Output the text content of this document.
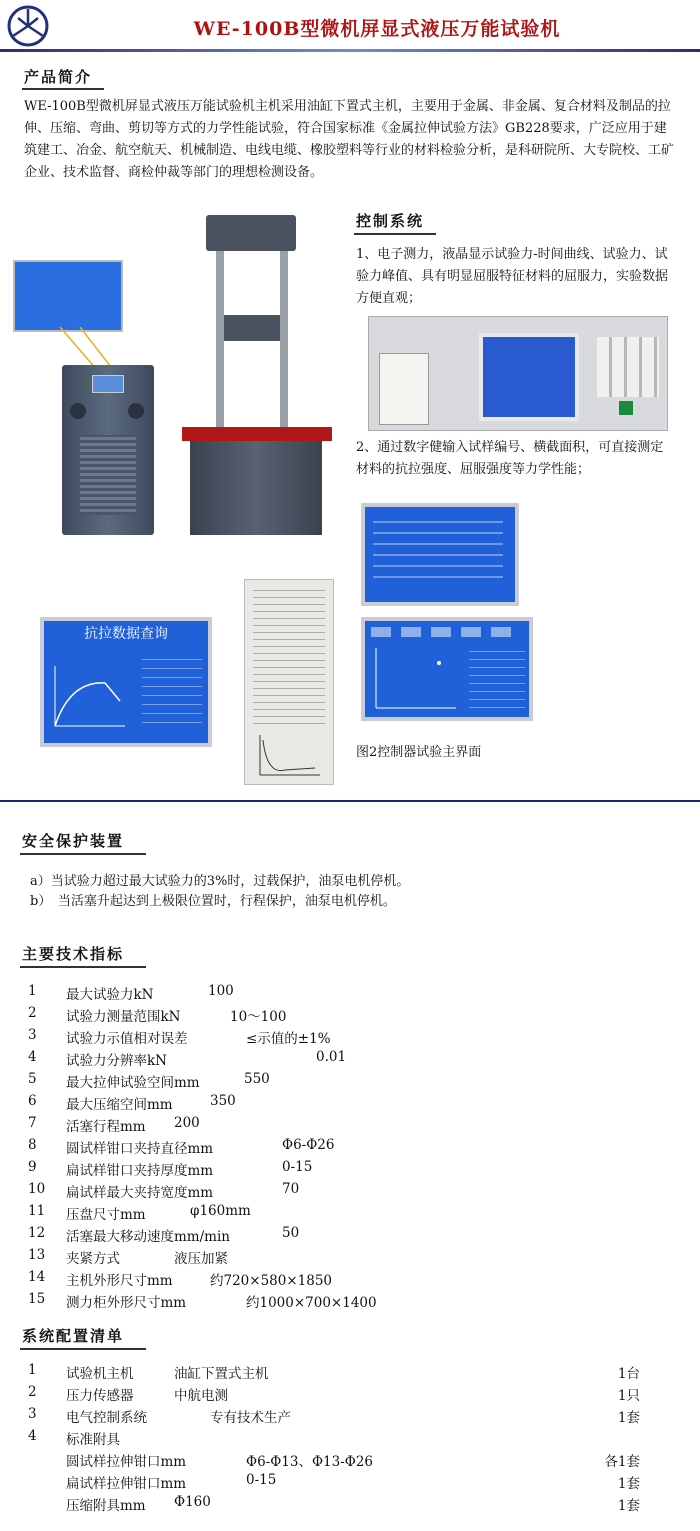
WE-100B型微机屏显式液压万能试验机
产品简介
WE-100B型微机屏显式液压万能试验机主机采用油缸下置式主机，主要用于金属、非金属、复合材料及制品的拉伸、压缩、弯曲、剪切等方式的力学性能试验，符合国家标准《金属拉伸试验方法》GB228要求，广泛应用于建筑建工、冶金、航空航天、机械制造、电线电缆、橡胶塑料等行业的材料检验分析，是科研院所、大专院校、工矿企业、技术监督、商检仲裁等部门的理想检测设备。
控制系统
1、电子测力，液晶显示试验力-时间曲线、试验力、试验力峰值、具有明显屈服特征材料的屈服力，实验数据方便直观；
2、通过数字健输入试样编号、横截面积，可直接测定材料的抗拉强度、屈服强度等力学性能；
抗拉数据查询
图2控制器试验主界面
安全保护装置
a）当试验力超过最大试验力的3%时，过载保护，油泵电机停机。
b）　当活塞升起达到上极限位置时，行程保护，油泵电机停机。
主要技术指标
1	最大试验力kN	100
2	试验力测量范围kN	10～100
3	试验力示值相对误差	≤示值的±1%
4	试验力分辨率kN	0.01
5	最大拉伸试验空间mm	550
6	最大压缩空间mm	350
7	活塞行程mm 200
8	圆试样钳口夹持直径mm	Φ6-Φ26
9	扁试样钳口夹持厚度mm	0-15
10	扁试样最大夹持宽度mm	70
11	压盘尺寸mm	φ160mm
12	活塞最大移动速度mm/min	50
13	夹紧方式	液压加紧
14	主机外形尺寸mm	约720×580×1850
15	测力柜外形尺寸mm	约1000×700×1400
系统配置清单
1 试验机主机	油缸下置式主机	1台
2 压力传感器	中航电测	1只
3 电气控制系统	专有技术生产	1套
4 标准附具
圆试样拉伸钳口mm	Φ6-Φ13、Φ13-Φ26	各1套
扁试样拉伸钳口mm	0-15	1套
压缩附具mm Φ160	1套
